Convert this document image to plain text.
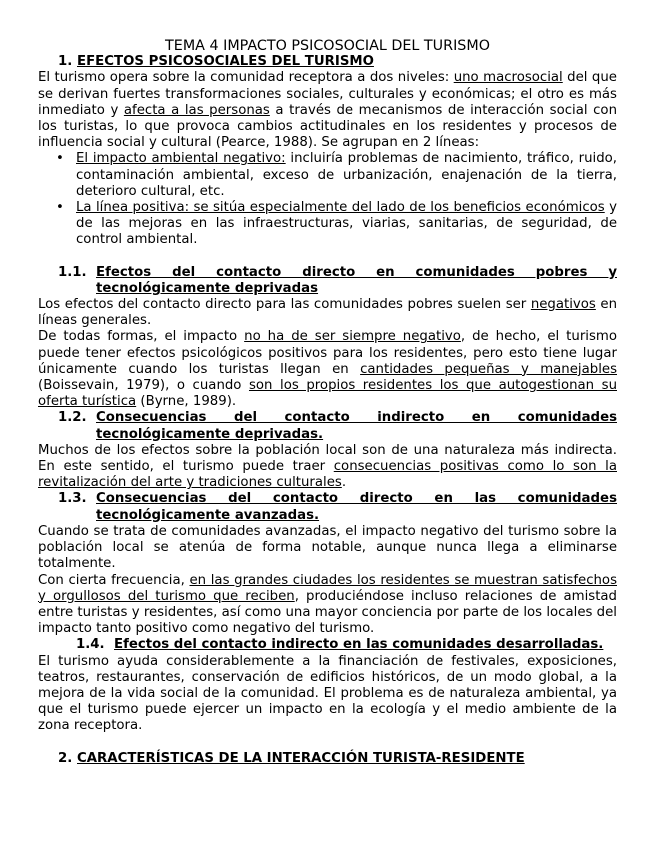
TEMA 4 IMPACTO PSICOSOCIAL DEL TURISMO
1. EFECTOS PSICOSOCIALES DEL TURISMO

El turismo opera sobre la comunidad receptora a dos niveles: uno macrosocial del que se derivan fuertes transformaciones sociales, culturales y económicas; el otro es más inmediato y afecta a las personas a través de mecanismos de interacción social con los turistas, lo que provoca cambios actitudinales en los residentes y procesos de influencia social y cultural (Pearce, 1988). Se agrupan en 2 líneas:

• El impacto ambiental negativo: incluiría problemas de nacimiento, tráfico, ruido, contaminación ambiental, exceso de urbanización, enajenación de la tierra, deterioro cultural, etc.
• La línea positiva: se sitúa especialmente del lado de los beneficios económicos y de las mejoras en las infraestructuras, viarias, sanitarias, de seguridad, de control ambiental.
1.1. Efectos del contacto directo en comunidades pobres y tecnológicamente deprivadas

Los efectos del contacto directo para las comunidades pobres suelen ser negativos en líneas generales.

De todas formas, el impacto no ha de ser siempre negativo, de hecho, el turismo puede tener efectos psicológicos positivos para los residentes, pero esto tiene lugar únicamente cuando los turistas llegan en cantidades pequeñas y manejables (Boissevain, 1979), o cuando son los propios residentes los que autogestionan su oferta turística (Byrne, 1989).

1.2. Consecuencias del contacto indirecto en comunidades tecnológicamente deprivadas.

Muchos de los efectos sobre la población local son de una naturaleza más indirecta. En este sentido, el turismo puede traer consecuencias positivas como lo son la revitalización del arte y tradiciones culturales.

1.3. Consecuencias del contacto directo en las comunidades tecnológicamente avanzadas.

Cuando se trata de comunidades avanzadas, el impacto negativo del turismo sobre la población local se atenúa de forma notable, aunque nunca llega a eliminarse totalmente.

Con cierta frecuencia, en las grandes ciudades los residentes se muestran satisfechos y orgullosos del turismo que reciben, produciéndose incluso relaciones de amistad entre turistas y residentes, así como una mayor conciencia por parte de los locales del impacto tanto positivo como negativo del turismo.

1.4. Efectos del contacto indirecto en las comunidades desarrolladas.

El turismo ayuda considerablemente a la financiación de festivales, exposiciones, teatros, restaurantes, conservación de edificios históricos, de un modo global, a la mejora de la vida social de la comunidad. El problema es de naturaleza ambiental, ya que el turismo puede ejercer un impacto en la ecología y el medio ambiente de la zona receptora.

2. CARACTERÍSTICAS DE LA INTERACCIÓN TURISTA-RESIDENTE
